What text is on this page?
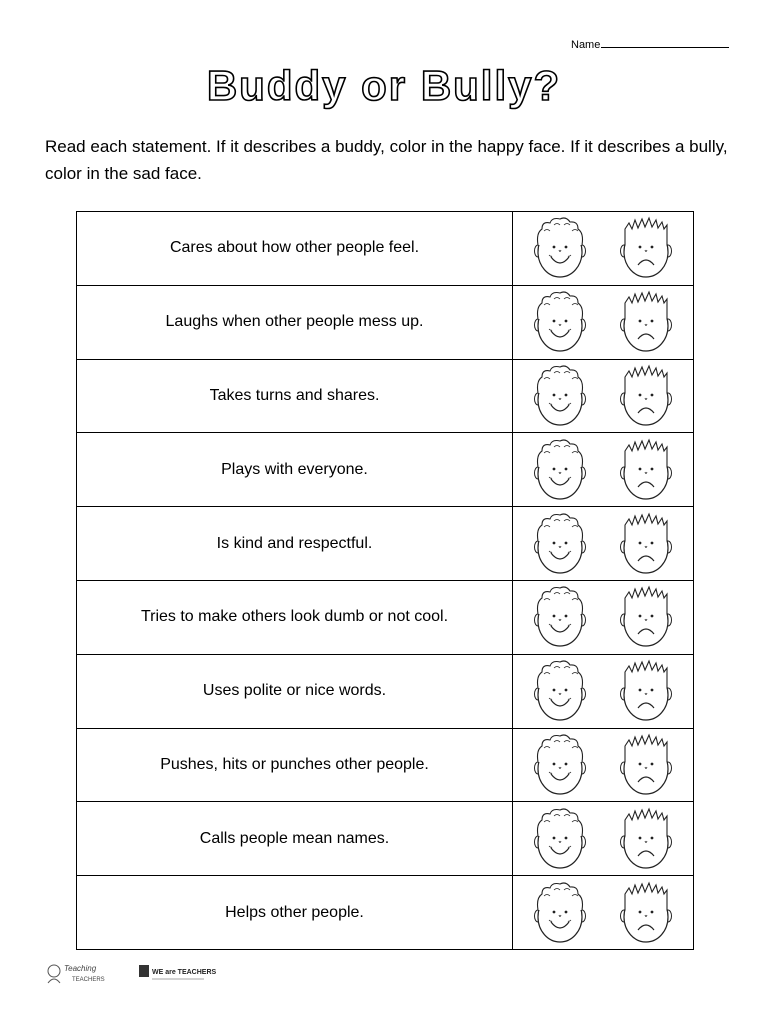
Name
Buddy or Bully?
Read each statement. If it describes a buddy, color in the happy face. If it describes a bully, color in the sad face.
Cares about how other people feel.
Laughs when other people mess up.
Takes turns and shares.
Plays with everyone.
Is kind and respectful.
Tries to make others look dumb or not cool.
Uses polite or nice words.
Pushes, hits or punches other people.
Calls people mean names.
Helps other people.
Teaching
TEACHERS
WE are TEACHERS
